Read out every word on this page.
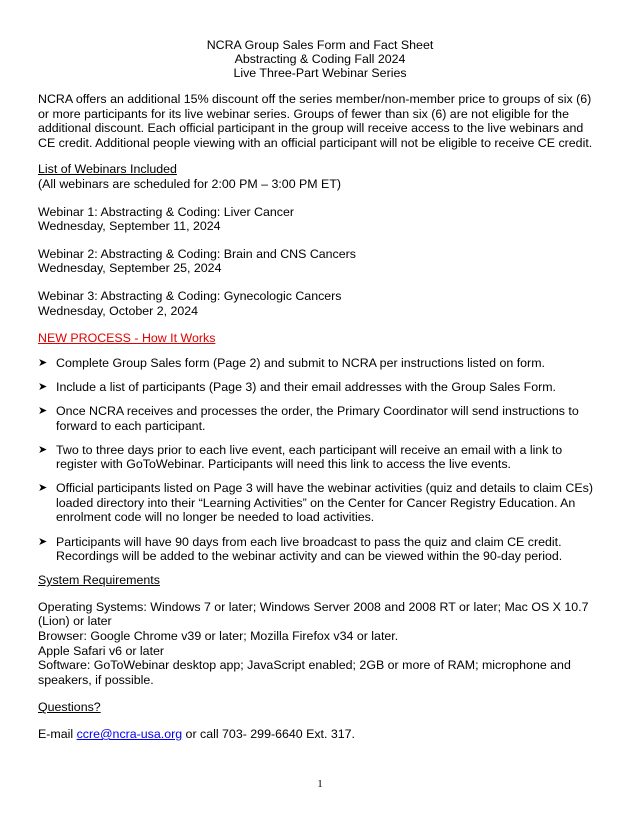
NCRA Group Sales Form and Fact Sheet
Abstracting & Coding Fall 2024
Live Three-Part Webinar Series

NCRA offers an additional 15% discount off the series member/non-member price to groups of six (6) or more participants for its live webinar series. Groups of fewer than six (6) are not eligible for the additional discount. Each official participant in the group will receive access to the live webinars and CE credit. Additional people viewing with an official participant will not be eligible to receive CE credit.

List of Webinars Included

(All webinars are scheduled for 2:00 PM – 3:00 PM ET)

Webinar 1: Abstracting & Coding: Liver Cancer

Wednesday, September 11, 2024

Webinar 2: Abstracting & Coding: Brain and CNS Cancers

Wednesday, September 25, 2024

Webinar 3: Abstracting & Coding: Gynecologic Cancers

Wednesday, October 2, 2024

NEW PROCESS - How It Works

➤ Complete Group Sales form (Page 2) and submit to NCRA per instructions listed on form.
➤ Include a list of participants (Page 3) and their email addresses with the Group Sales Form.
➤ Once NCRA receives and processes the order, the Primary Coordinator will send instructions to forward to each participant.
➤ Two to three days prior to each live event, each participant will receive an email with a link to register with GoToWebinar. Participants will need this link to access the live events.
➤ Official participants listed on Page 3 will have the webinar activities (quiz and details to claim CEs) loaded directory into their “Learning Activities” on the Center for Cancer Registry Education. An enrolment code will no longer be needed to load activities.
➤ Participants will have 90 days from each live broadcast to pass the quiz and claim CE credit. Recordings will be added to the webinar activity and can be viewed within the 90-day period.

System Requirements

Operating Systems: Windows 7 or later; Windows Server 2008 and 2008 RT or later; Mac OS X 10.7 (Lion) or later

Browser: Google Chrome v39 or later; Mozilla Firefox v34 or later.

Apple Safari v6 or later

Software: GoToWebinar desktop app; JavaScript enabled; 2GB or more of RAM; microphone and speakers, if possible.

Questions?

E-mail ccre@ncra-usa.org or call 703- 299-6640 Ext. 317.

1
